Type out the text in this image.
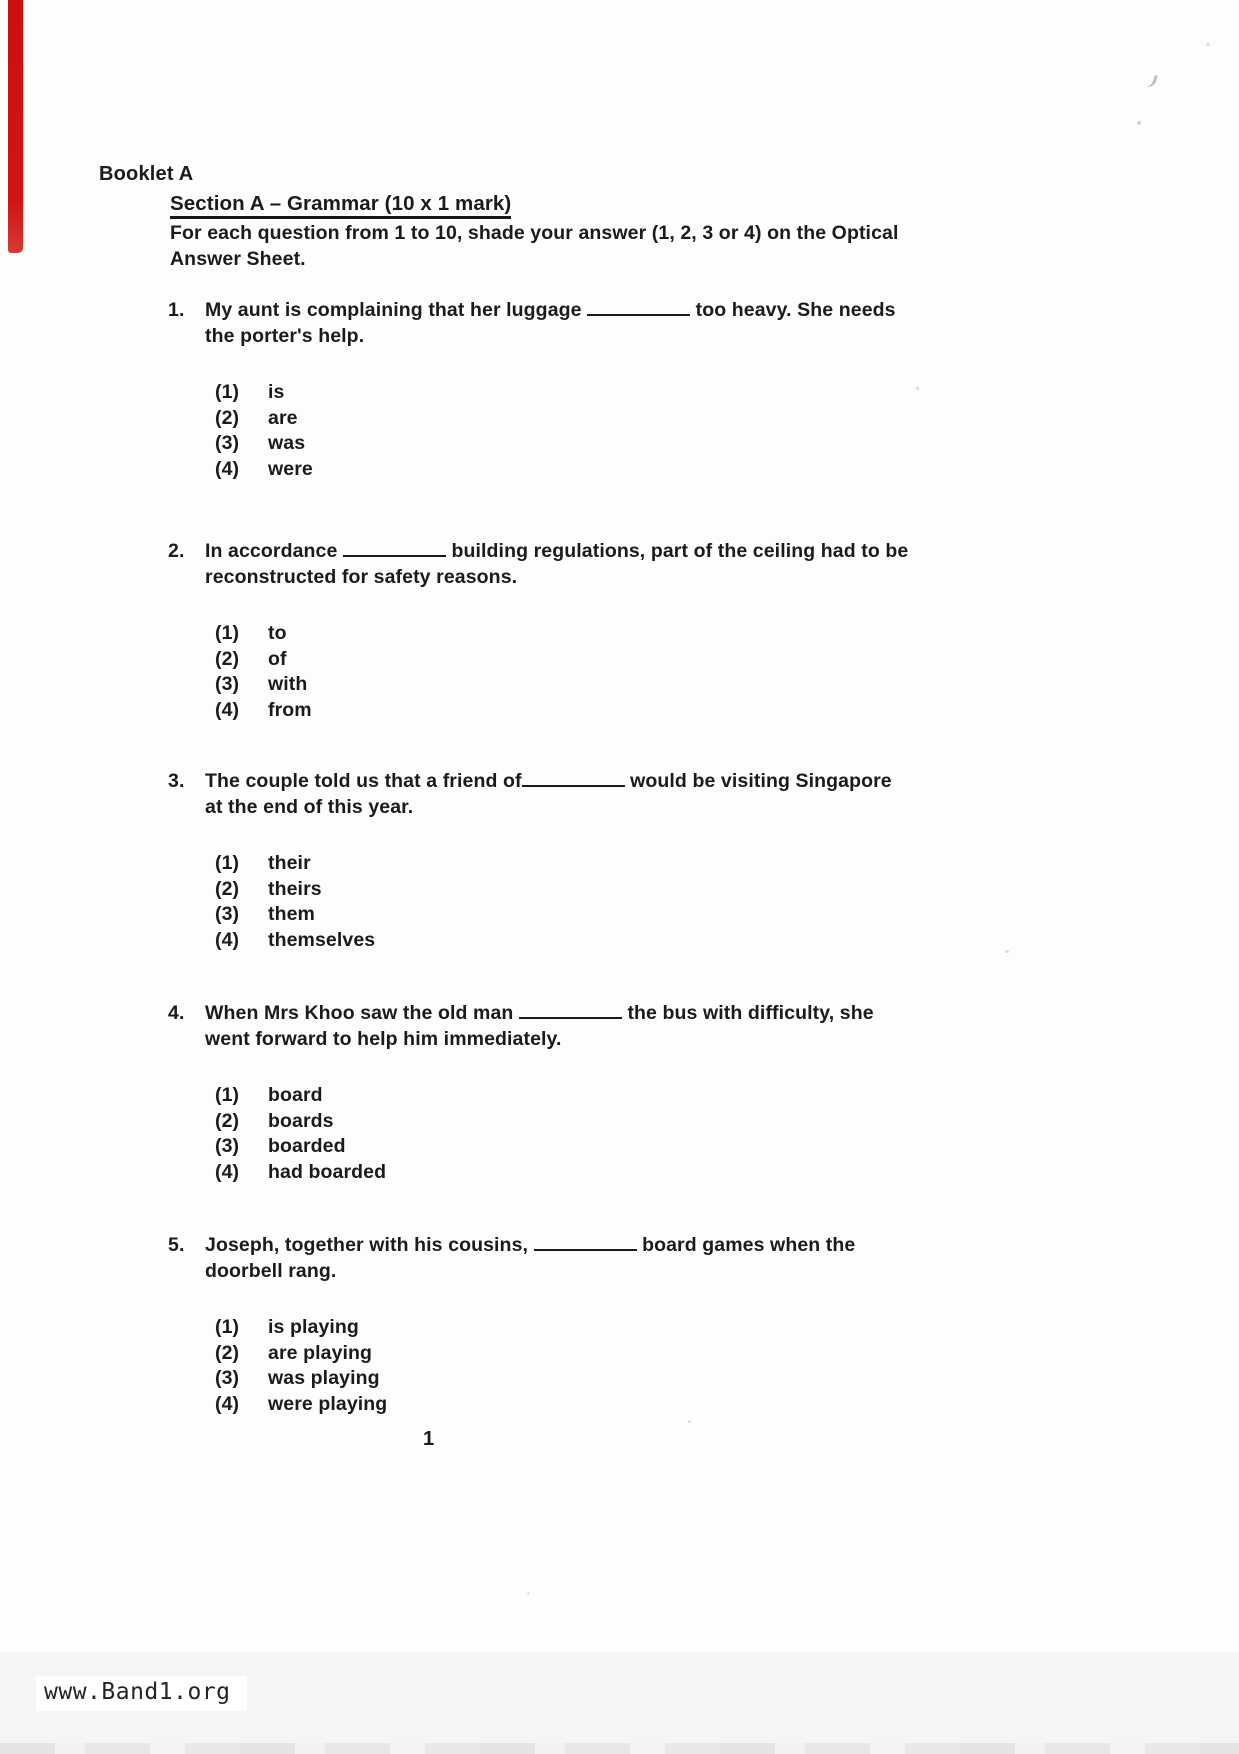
Booklet A
Section A – Grammar (10 x 1 mark)
For each question from 1 to 10, shade your answer (1, 2, 3 or 4) on the Optical
Answer Sheet.
1.	My aunt is complaining that her luggage	too heavy. She needs
the porter's help.
(1)	is
(2)	are
(3)	was
(4)	were
2.	In accordance	building regulations, part of the ceiling had to be
reconstructed for safety reasons.
(1)	to
(2)	of
(3)	with
(4)	from
3.	The couple told us that a friend of	would be visiting Singapore
at the end of this year.
(1)	their
(2)	theirs
(3)	them
(4)	themselves
4.	When Mrs Khoo saw the old man	the bus with difficulty, she
went forward to help him immediately.
(1)	board
(2)	boards
(3)	boarded
(4)	had boarded
5.	Joseph, together with his cousins,	board games when the
doorbell rang.
(1)	is playing
(2)	are playing
(3)	was playing
(4)	were playing
1
www.Band1.org
